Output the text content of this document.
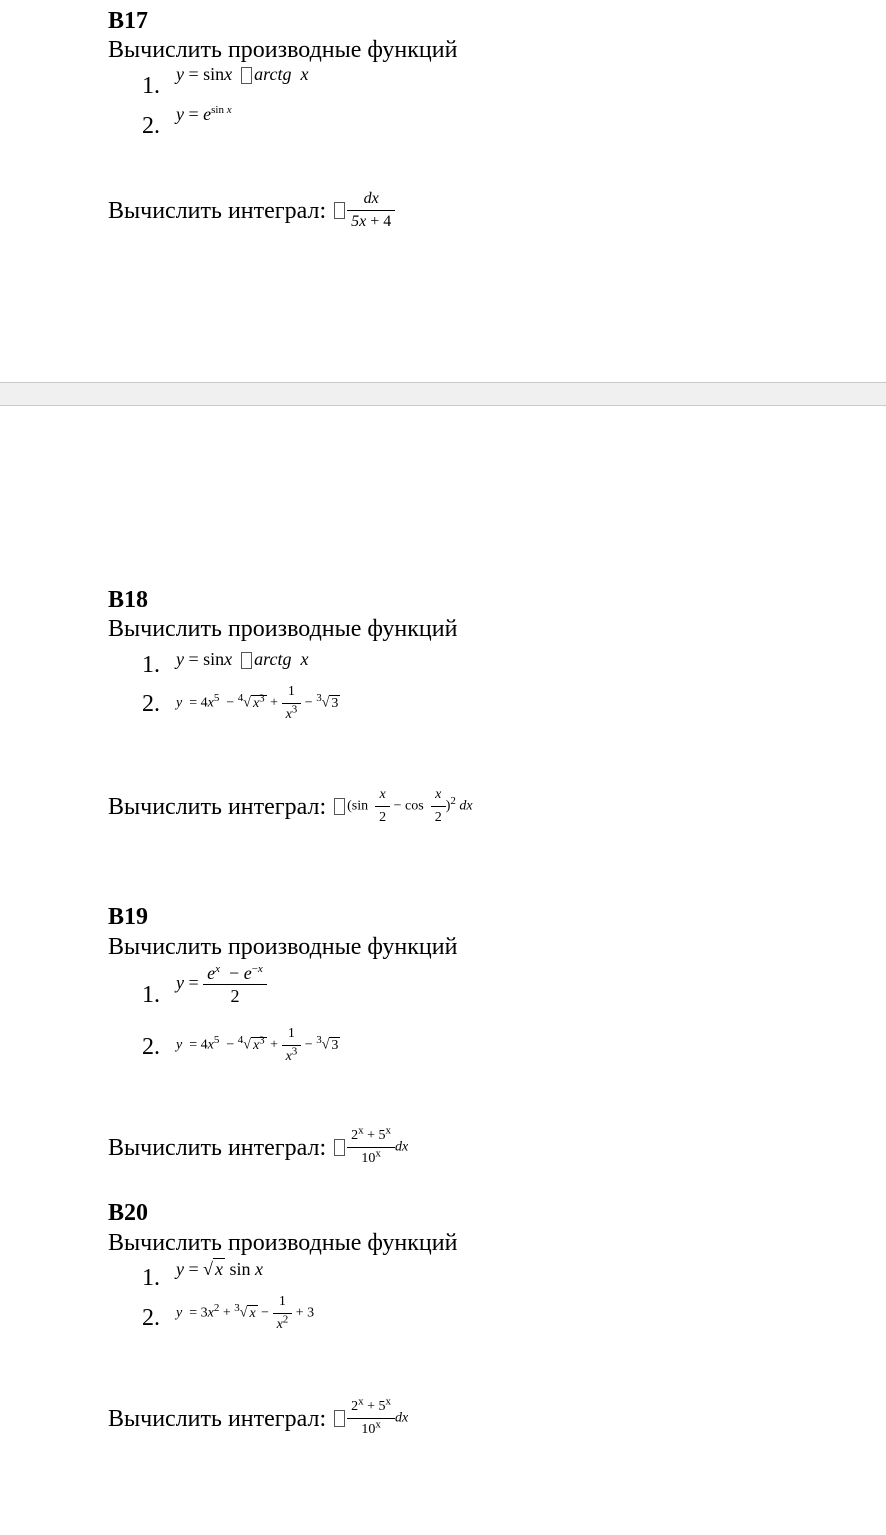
В17
Вычислить производные функций
1. y = sinx arctg  x
2. $y = e^{sin x}$
Вычислить интеграл: $\frac{dx}{5x + 4}$
В18
Вычислить производные функций
1. y = sinx arctg  x
2. $y = 4x^5 - ^4√$ $x^3 + \frac{1}{x^3} - ^3√$ 3
Вычислить интеграл:	$(\sin \frac{x}{2} - \cos \frac{x}{2} )^2$ dx
В19
Вычислить производные функций
1. $y = \frac{e^x - e^{-x}}{2}$
2. $y = 4x^5 - ^4√$ $x^3 + \frac{1}{x^3} - ^3√$ 3
Вычислить интеграл: $\frac{2^x + 5^x}{10^x}$ dx
В20
Вычислить производные функций
1. y = √ x sin x
2. $y = 3x^2 + ^3√$ $x - \frac{1}{x^2} + 3$
Вычислить интеграл: $\frac{2^x + 5^x}{10^x}$ dx
